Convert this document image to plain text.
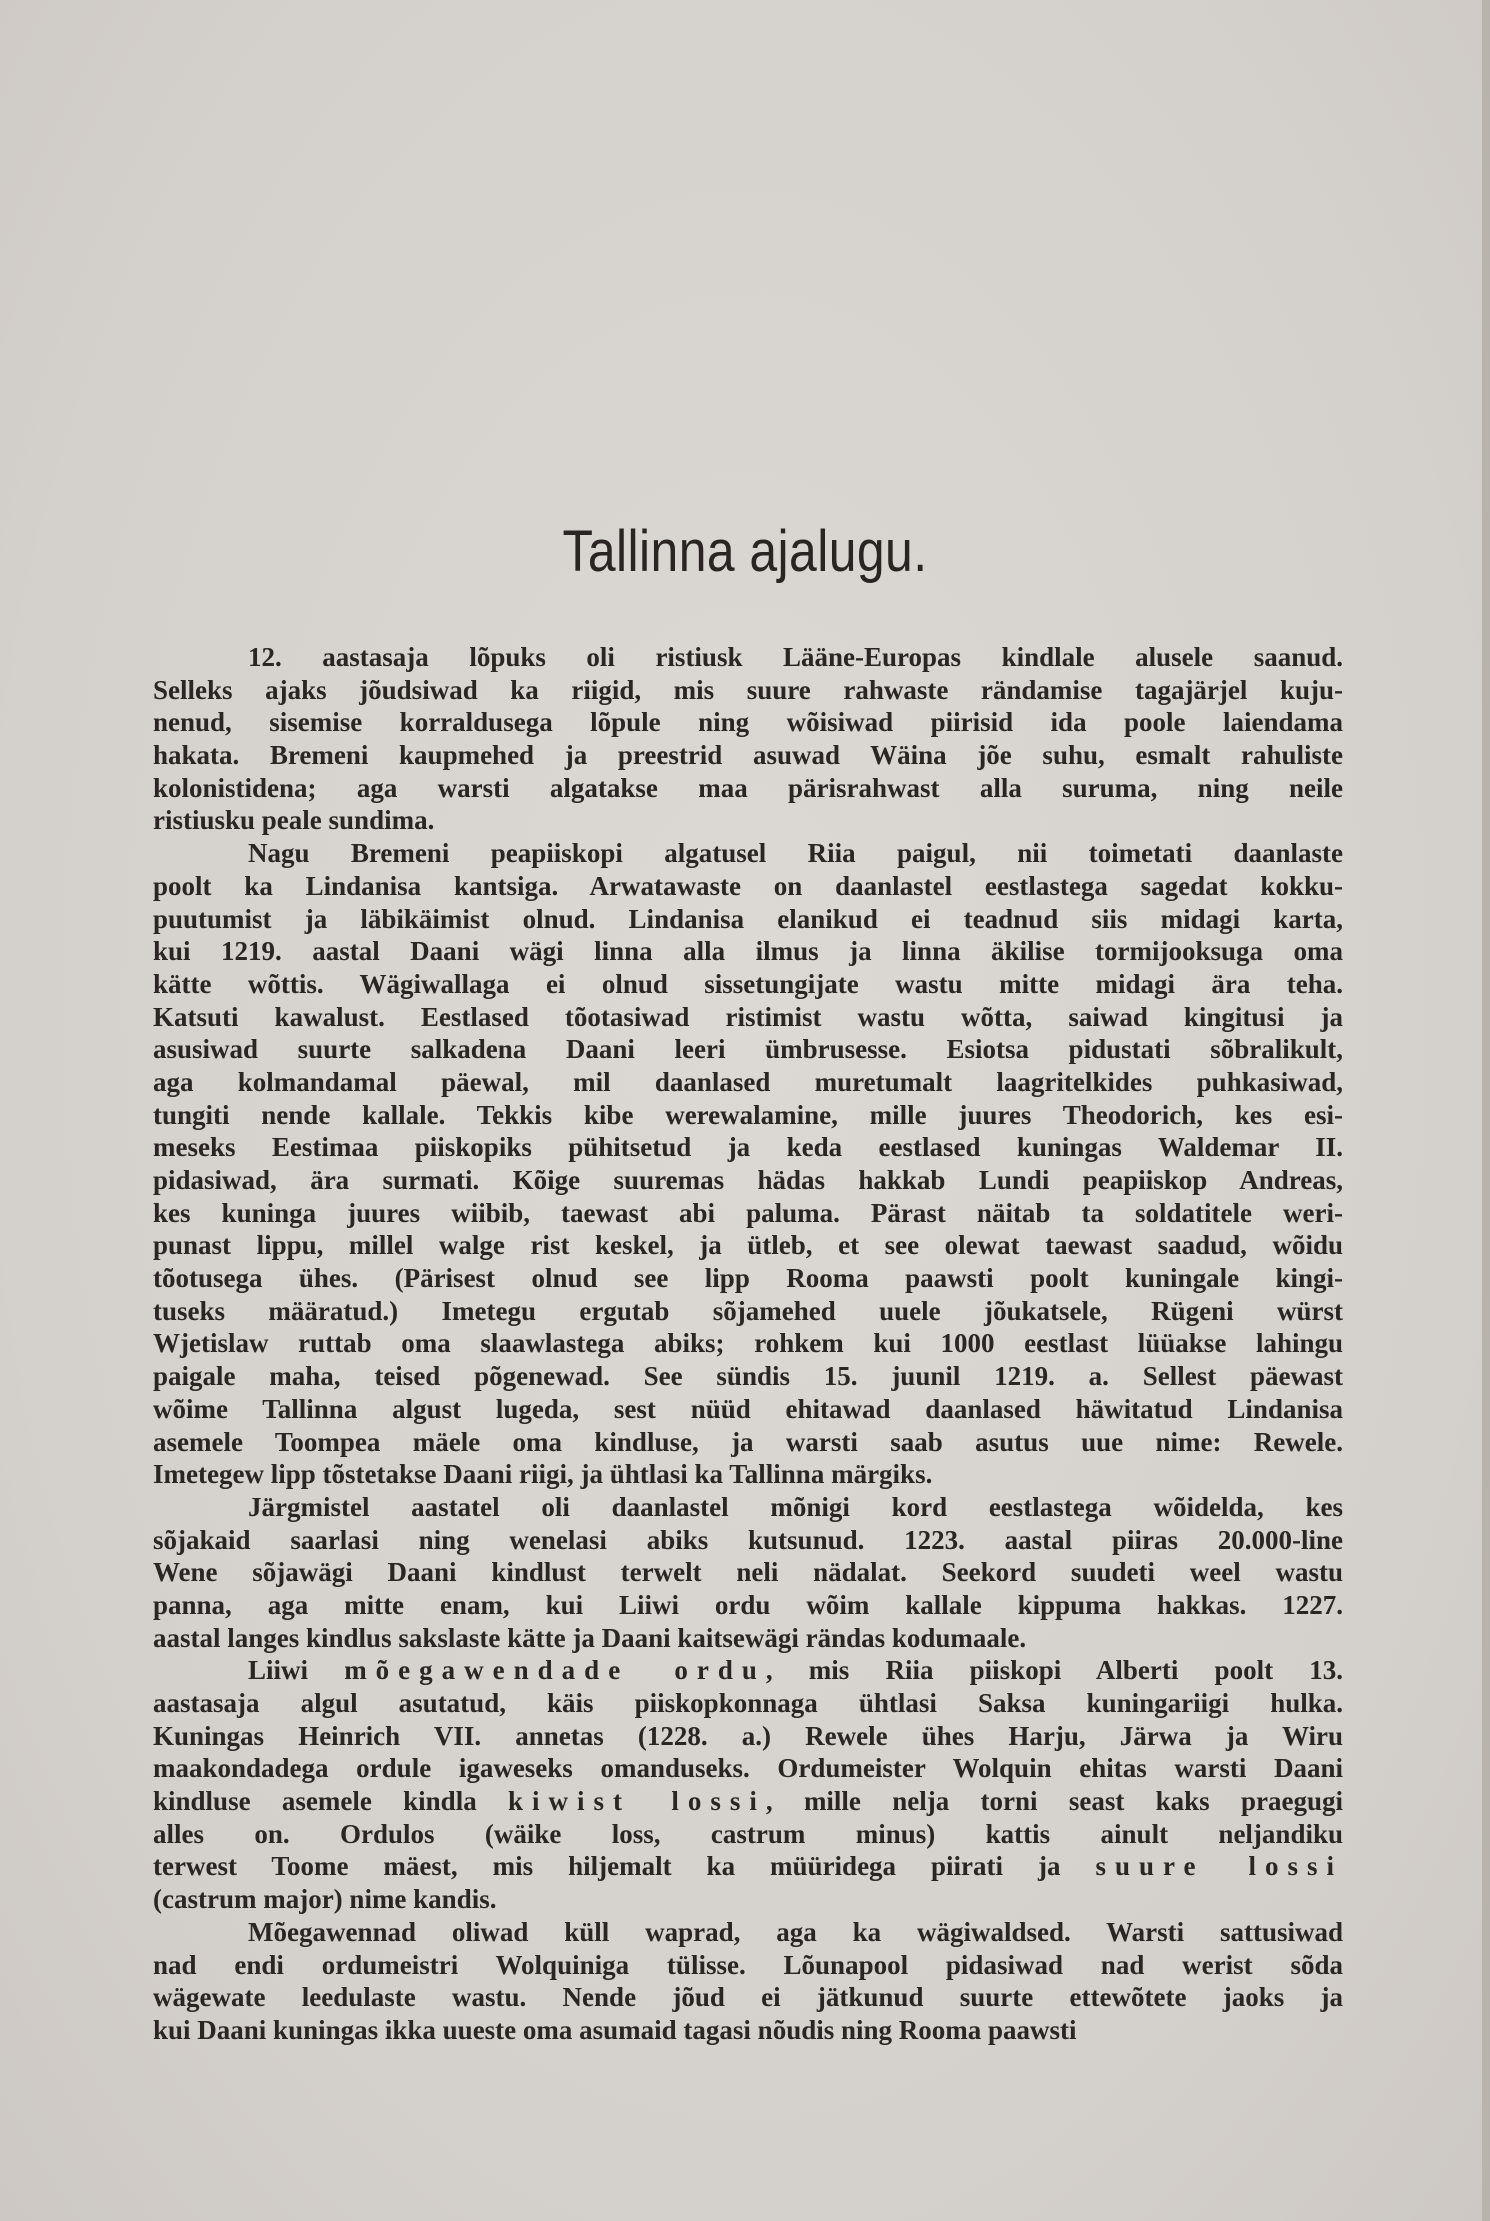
Tallinna ajalugu.
12. aastasaja lõpuks oli ristiusk Lääne-Europas kindlale alusele saanud.
Selleks ajaks jõudsiwad ka riigid, mis suure rahwaste rändamise tagajärjel kuju-
nenud, sisemise korraldusega lõpule ning wõisiwad piirisid ida poole laiendama
hakata. Bremeni kaupmehed ja preestrid asuwad Wäina jõe suhu, esmalt rahuliste
kolonistidena; aga warsti algatakse maa pärisrahwast alla suruma, ning neile
ristiusku peale sundima.
Nagu Bremeni peapiiskopi algatusel Riia paigul, nii toimetati daanlaste
poolt ka Lindanisa kantsiga. Arwatawaste on daanlastel eestlastega sagedat kokku-
puutumist ja läbikäimist olnud. Lindanisa elanikud ei teadnud siis midagi karta,
kui 1219. aastal Daani wägi linna alla ilmus ja linna äkilise tormijooksuga oma
kätte wõttis. Wägiwallaga ei olnud sissetungijate wastu mitte midagi ära teha.
Katsuti kawalust. Eestlased tõotasiwad ristimist wastu wõtta, saiwad kingitusi ja
asusiwad suurte salkadena Daani leeri ümbrusesse. Esiotsa pidustati sõbralikult,
aga kolmandamal päewal, mil daanlased muretumalt laagritelkides puhkasiwad,
tungiti nende kallale. Tekkis kibe werewalamine, mille juures Theodorich, kes esi-
meseks Eestimaa piiskopiks pühitsetud ja keda eestlased kuningas Waldemar II.
pidasiwad, ära surmati. Kõige suuremas hädas hakkab Lundi peapiiskop Andreas,
kes kuninga juures wiibib, taewast abi paluma. Pärast näitab ta soldatitele weri-
punast lippu, millel walge rist keskel, ja ütleb, et see olewat taewast saadud, wõidu
tõotusega ühes. (Pärisest olnud see lipp Rooma paawsti poolt kuningale kingi-
tuseks määratud.) Imetegu ergutab sõjamehed uuele jõukatsele, Rügeni würst
Wjetislaw ruttab oma slaawlastega abiks; rohkem kui 1000 eestlast lüüakse lahingu
paigale maha, teised põgenewad. See sündis 15. juunil 1219. a. Sellest päewast
wõime Tallinna algust lugeda, sest nüüd ehitawad daanlased häwitatud Lindanisa
asemele Toompea mäele oma kindluse, ja warsti saab asutus uue nime: Rewele.
Imetegew lipp tõstetakse Daani riigi, ja ühtlasi ka Tallinna märgiks.
Järgmistel aastatel oli daanlastel mõnigi kord eestlastega wõidelda, kes
sõjakaid saarlasi ning wenelasi abiks kutsunud. 1223. aastal piiras 20.000-line
Wene sõjawägi Daani kindlust terwelt neli nädalat. Seekord suudeti weel wastu
panna, aga mitte enam, kui Liiwi ordu wõim kallale kippuma hakkas. 1227.
aastal langes kindlus sakslaste kätte ja Daani kaitsewägi rändas kodumaale.
Liiwi mõegawendade ordu, mis Riia piiskopi Alberti poolt 13.
aastasaja algul asutatud, käis piiskopkonnaga ühtlasi Saksa kuningariigi hulka.
Kuningas Heinrich VII. annetas (1228. a.) Rewele ühes Harju, Järwa ja Wiru
maakondadega ordule igaweseks omanduseks. Ordumeister Wolquin ehitas warsti Daani
kindluse asemele kindla kiwist lossi, mille nelja torni seast kaks praegugi
alles on. Ordulos (wäike loss, castrum minus) kattis ainult neljandiku
terwest Toome mäest, mis hiljemalt ka müüridega piirati ja suure lossi
(castrum major) nime kandis.
Mõegawennad oliwad küll waprad, aga ka wägiwaldsed. Warsti sattusiwad
nad endi ordumeistri Wolquiniga tülisse. Lõunapool pidasiwad nad werist sõda
wägewate leedulaste wastu. Nende jõud ei jätkunud suurte ettewõtete jaoks ja
kui Daani kuningas ikka uueste oma asumaid tagasi nõudis ning Rooma paawsti
